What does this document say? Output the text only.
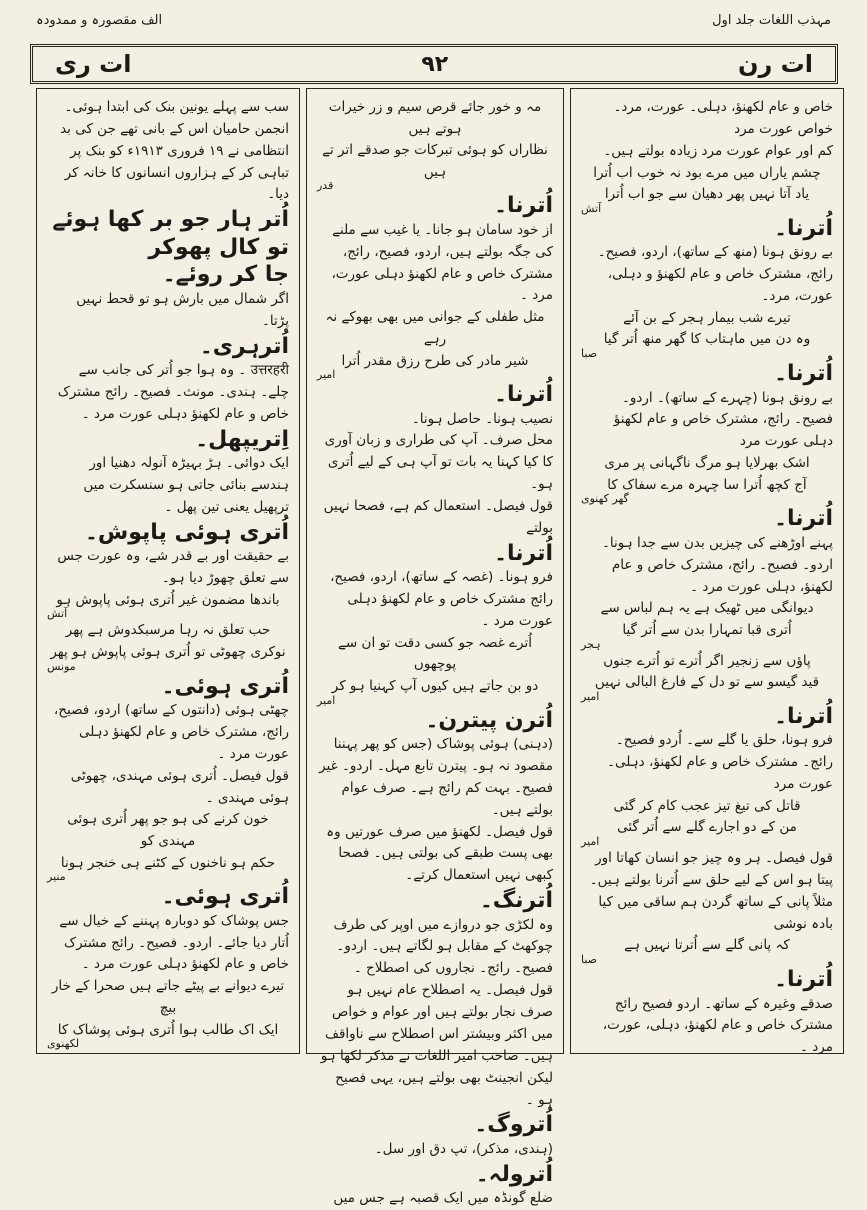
مہذب اللغات جلد اول
الف مقصورہ و ممدودہ
ات رن
۹۲
ات ری
خاص و عام لکھنؤ، دہلی۔ عورت، مرد۔ خواص عورت مرد
کم اور عوام عورت مرد زیادہ بولتے ہیں۔
چشم یاراں میں مرے بود نہ خوب اب اُترا
یاد آتا نہیں پھر دھیان سے جو اب اُترا
آتش
اُترنا۔
بے رونق ہونا (منھ کے ساتھ)، اردو، فصیح۔ رائج، مشترک خاص و عام لکھنؤ و دہلی، عورت، مرد۔
تیرے شب بیمار ہجر کے بن آئے
وہ دن میں ماہتاب کا گھر منھ اُتر گیا
صبا
اُترنا۔
بے رونق ہونا (چہرے کے ساتھ)۔ اردو۔ فصیح۔ رائج، مشترک خاص و عام لکھنؤ دہلی عورت مرد
اشک بھرلایا ہو مرگ ناگہانی پر مری
آج کچھ اُترا سا چہرہ مرے سفاک کا
گھر کھنوی
اُترنا۔
پہنے اوڑھنے کی چیزیں بدن سے جدا ہونا۔ اردو۔ فصیح۔ رائج، مشترک خاص و عام لکھنؤ، دہلی عورت مرد ۔
دیوانگی میں ٹھیک ہے یہ ہم لباس سے
اُتری قبا تمہارا بدن سے اُتر گیا
ہجر
پاؤں سے زنجیر اگر اُترے تو اُترے جنوں
قید گیسو سے تو دل کے فارغ البالی نہیں
امیر
اُترنا۔
فرو ہونا، حلق یا گلے سے۔ اُردو فصیح۔ رائج۔ مشترک خاص و عام لکھنؤ، دہلی۔ عورت مرد
قاتل کی تیغ تیز عجب کام کر گئی
من کے دو اجارے گلے سے اُتر گئی
امیر
قول فیصل۔ ہر وہ چیز جو انسان کھاتا اور پیتا ہو اس کے لیے حلق سے اُترنا بولتے ہیں۔ مثلاً پانی کے ساتھ گردن ہم ساقی میں کیا بادہ نوشی
کہ پانی گلے سے اُترتا نہیں ہے
صبا
اُترنا۔
صدقے وغیرہ کے ساتھ۔ اردو فصیح رائج مشترک خاص و عام لکھنؤ، دہلی، عورت، مرد ۔
مہ و خور جائے قرص سیم و زر خیرات ہوتے ہیں
نظاراں کو ہوئی تبرکات جو صدقے اتر تے ہیں
قدر
اُترنا۔
از خود سامان ہو جانا۔ یا غیب سے ملنے کی جگہ بولتے ہیں، اردو، فصیح، رائج، مشترک خاص و عام لکھنؤ دہلی عورت، مرد ۔
مثل طفلی کے جوانی میں بھی بھوکے نہ رہے
شیر مادر کی طرح رزق مقدر اُترا
امیر
اُترنا۔
نصیب ہونا۔ حاصل ہونا۔
محل صرف۔ آپ کی طراری و زبان آوری کا کیا کہنا یہ بات تو آپ ہی کے لیے اُتری ہو۔
قول فیصل۔ استعمال کم ہے، فصحا نہیں بولتے
اُترنا۔
فرو ہونا۔ (غصہ کے ساتھ)، اردو، فصیح، رائج مشترک خاص و عام لکھنؤ دہلی عورت مرد ۔
اُترے غصہ جو کسی دقت تو ان سے پوچھوں
دو بن جاتے ہیں کیوں آپ کہنیا ہو کر
امیر
اُترن پیترن۔
(دہنی) ہوئی پوشاک (جس کو پھر پہننا مقصود نہ ہو۔ پیترن تابع مہل۔ اردو۔ غیر فصیح۔ بہت کم رائج ہے۔ صرف عوام بولتے ہیں۔
قول فیصل۔ لکھنؤ میں صرف عورتیں وہ بھی پست طبقے کی بولتی ہیں۔ فصحا کبھی نہیں استعمال کرتے۔
اُترنگ۔
وہ لکڑی جو دروازے میں اوپر کی طرف چوکھٹ کے مقابل ہو لگاتے ہیں۔ اردو۔ فصیح۔ رائج۔ نجاروں کی اصطلاح ۔
قول فیصل۔ یہ اصطلاح عام نہیں ہو صرف نجار بولتے ہیں اور عوام و خواص میں اکثر وبیشتر اس اصطلاح سے ناواقف ہیں۔ صاحب امیر اللغات نے مذکر لکھا ہو لیکن انجینٹ بھی بولتے ہیں، یہی فصیح ہو ۔
اُتروگ۔
(ہندی، مذکر)، تپ دق اور سل۔
اُترولہ۔
ضلع گونڈہ میں ایک قصبہ ہے جس میں
سب سے پہلے یونین بنک کی ابتدا ہوئی۔ انجمن حامیان اس کے بانی تھے جن کی بد انتظامی نے ۱۹ فروری ۱۹۱۳ء کو بنک پر تباہی کر کے ہزاروں انسانوں کا خانہ کر دیا۔
اُتر ہار جو بر کھا ہوئے تو کال پھوکر
جا کر روئے۔
اگر شمال میں بارش ہو تو قحط نہیں پڑتا۔
اُترہری۔
उत्तरहरी ۔ وہ ہوا جو اُتر کی جانب سے چلے۔ ہندی۔ مونث۔ فصیح۔ رائج مشترک خاص و عام لکھنؤ دہلی عورت مرد ۔
اِتریپھل۔
ایک دوائی۔ ہڑ بہیڑہ آنولہ دھنیا اور ہندسے بنائی جاتی ہو سنسکرت میں ترپھیل یعنی تین پھل ۔
اُتری ہوئی پاپوش۔
بے حقیقت اور بے قدر شے، وہ عورت جس سے تعلق چھوڑ دیا ہو۔
باندھا مضمون غیر اُتری ہوئی پاپوش ہو
آتش
حب تعلق نہ رہا مرسبکدوش ہے پھر
نوکری چھوٹی تو اُتری ہوئی پاپوش ہو پھر
مونس
اُتری ہوئی۔
چھٹی ہوئی (دانتوں کے ساتھ) اردو، فصیح، رائج، مشترک خاص و عام لکھنؤ دہلی عورت مرد ۔
قول فیصل۔ اُتری ہوئی مہندی، چھوٹی ہوئی مہندی ۔
خون کرنے کی ہو جو پھر اُتری ہوئی مہندی کو
حکم ہو ناخنوں کے کٹنے ہی خنجر ہونا
منیر
اُتری ہوئی۔
جس پوشاک کو دوبارہ پہننے کے خیال سے اُتار دیا جائے۔ اردو۔ فصیح۔ رائج مشترک خاص و عام لکھنؤ دہلی عورت مرد ۔
تیرے دیوانے بے پیٹے جاتے ہیں صحرا کے خار بیچ
ایک اک طالب ہوا اُتری ہوئی پوشاک کا
لکھنوی
